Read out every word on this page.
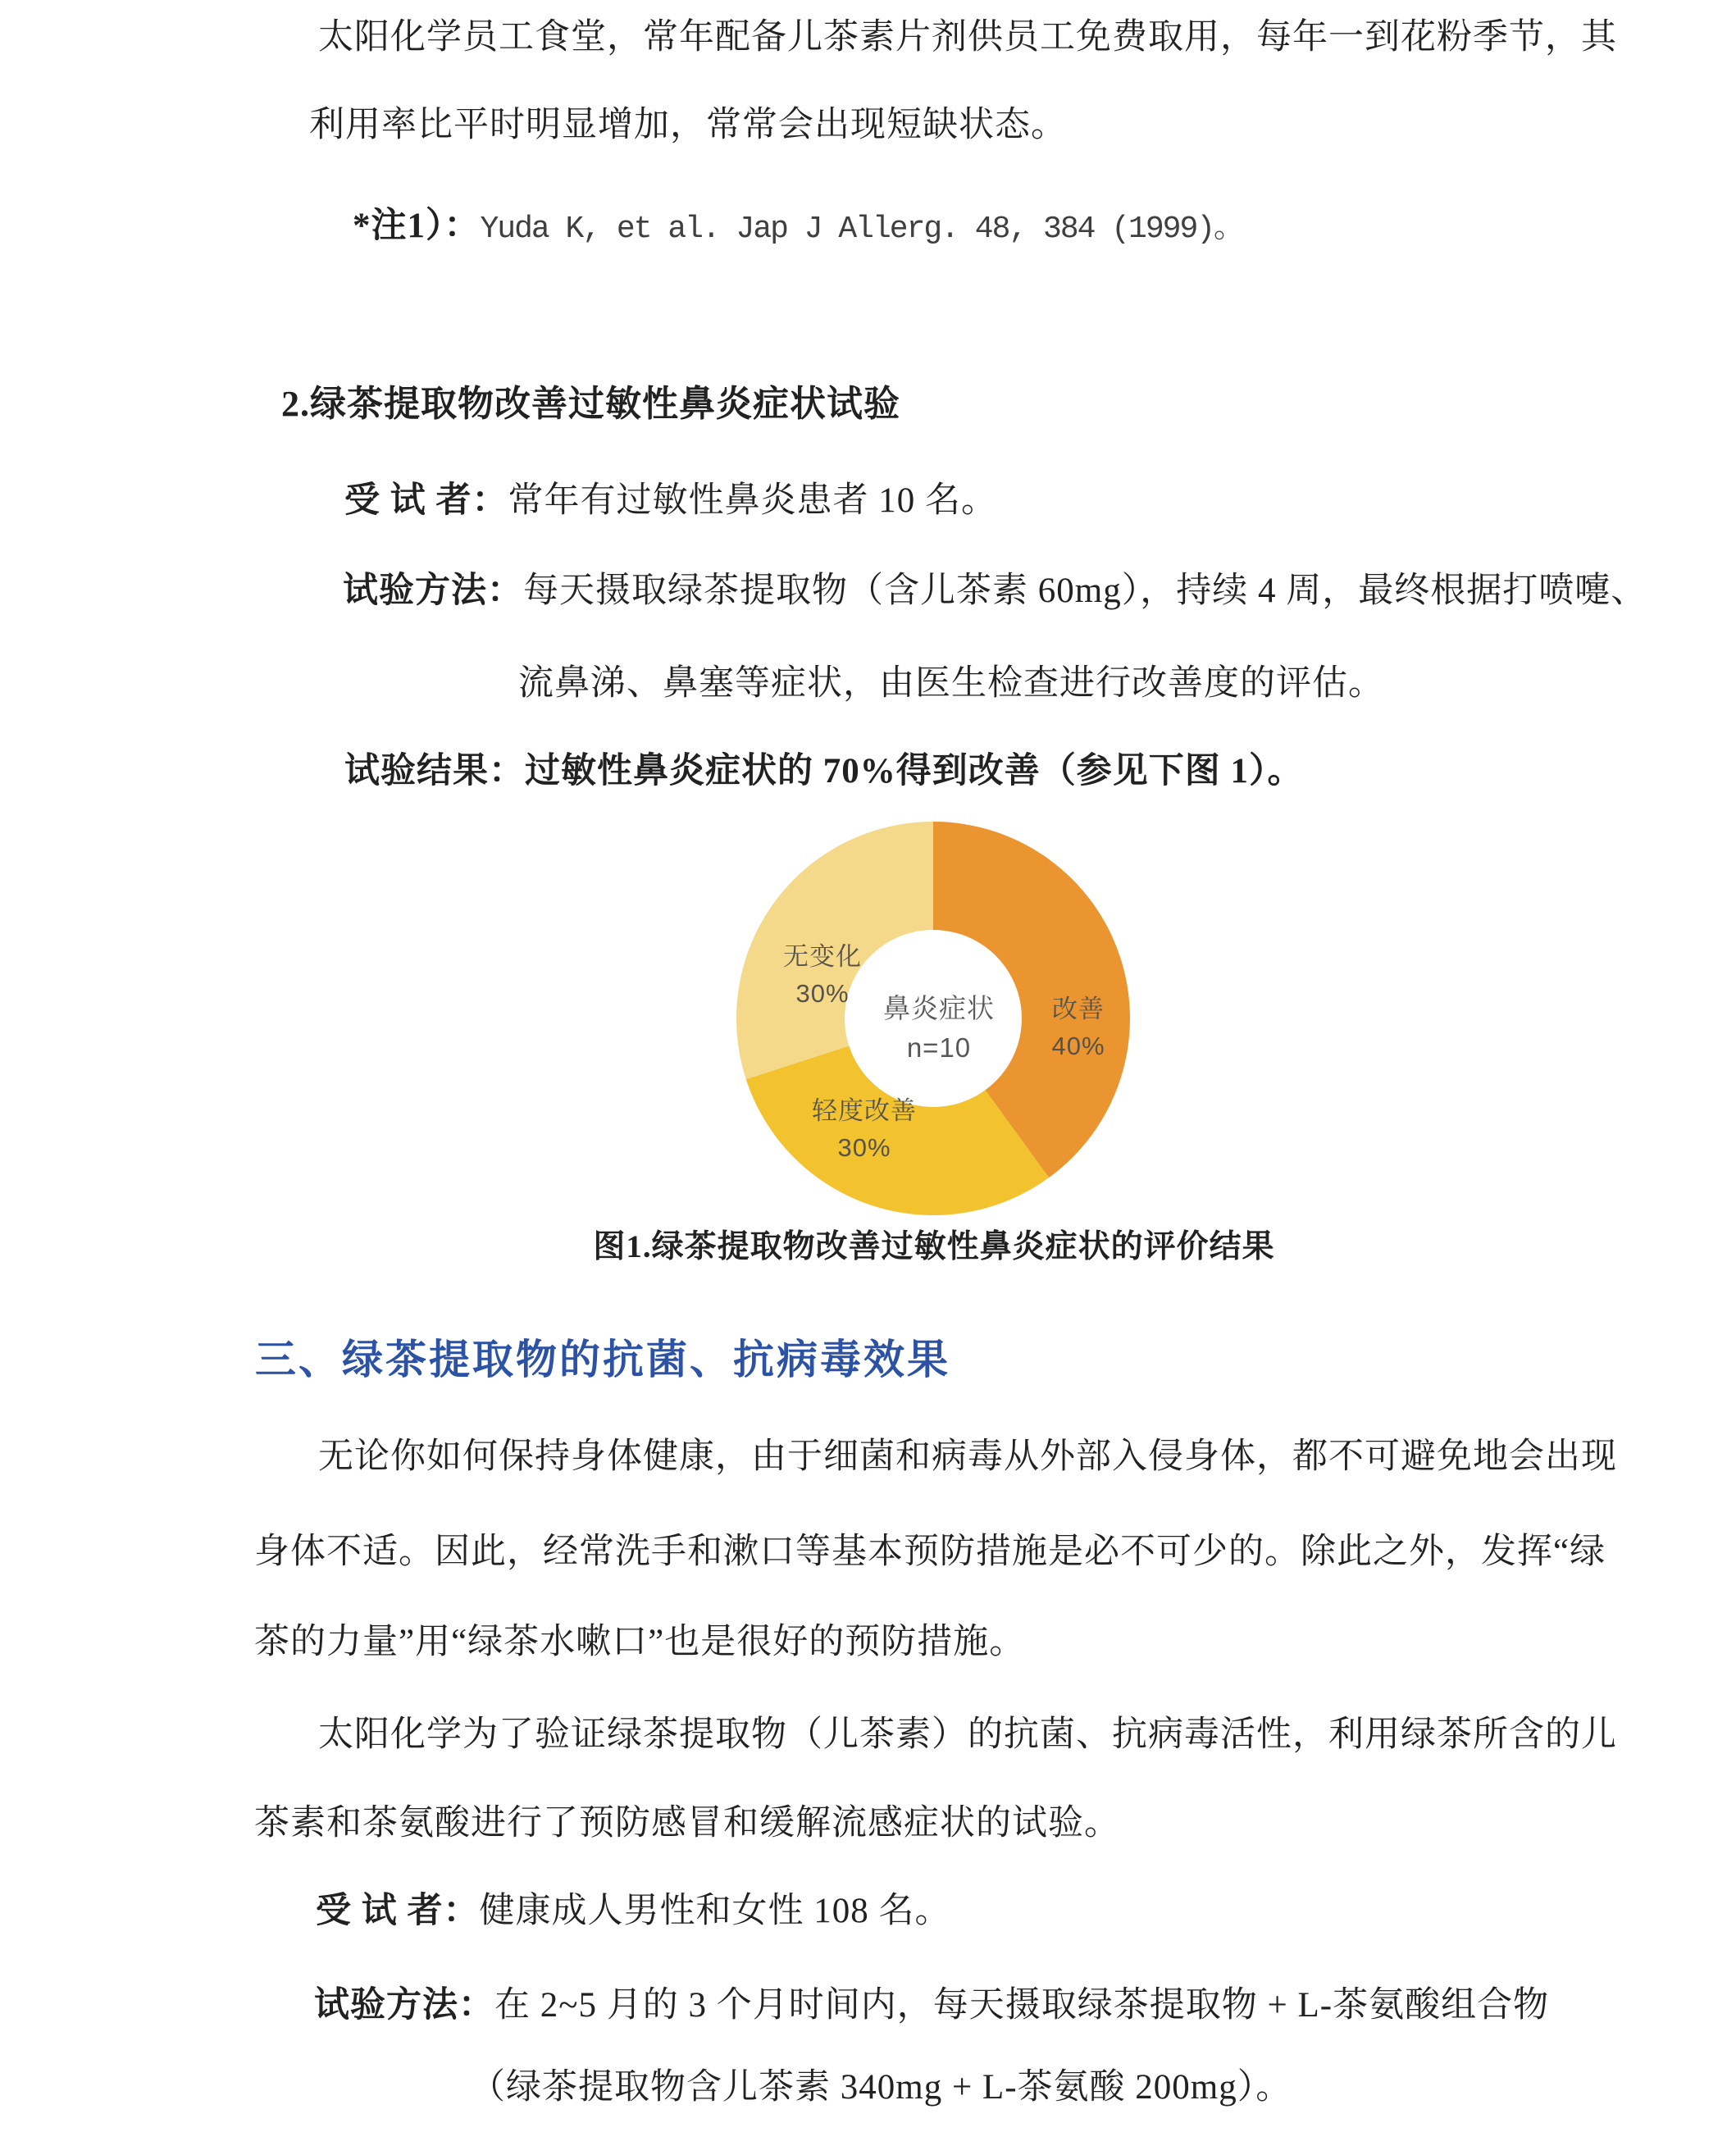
太阳化学员工食堂，常年配备儿茶素片剂供员工免费取用，每年一到花粉季节，其
利用率比平时明显增加，常常会出现短缺状态。
*注1）：Yuda K, et al. Jap J Allerg. 48, 384 (1999)。
2.绿茶提取物改善过敏性鼻炎症状试验
受 试 者：常年有过敏性鼻炎患者 10 名。
试验方法：每天摄取绿茶提取物（含儿茶素 60mg），持续 4 周，最终根据打喷嚏、
流鼻涕、鼻塞等症状，由医生检查进行改善度的评估。
试验结果：过敏性鼻炎症状的 70%得到改善（参见下图 1）。
改善
40%
轻度改善
30%
无变化
30%	鼻炎症状
n=10
图1.绿茶提取物改善过敏性鼻炎症状的评价结果
三、绿茶提取物的抗菌、抗病毒效果
无论你如何保持身体健康，由于细菌和病毒从外部入侵身体，都不可避免地会出现
身体不适。因此，经常洗手和漱口等基本预防措施是必不可少的。除此之外，发挥“绿
茶的力量”用“绿茶水嗽口”也是很好的预防措施。
太阳化学为了验证绿茶提取物（儿茶素）的抗菌、抗病毒活性，利用绿茶所含的儿
茶素和茶氨酸进行了预防感冒和缓解流感症状的试验。
受 试 者：健康成人男性和女性 108 名。
试验方法：在 2~5 月的 3 个月时间内，每天摄取绿茶提取物 + L-茶氨酸组合物
（绿茶提取物含儿茶素 340mg + L-茶氨酸 200mg）。
